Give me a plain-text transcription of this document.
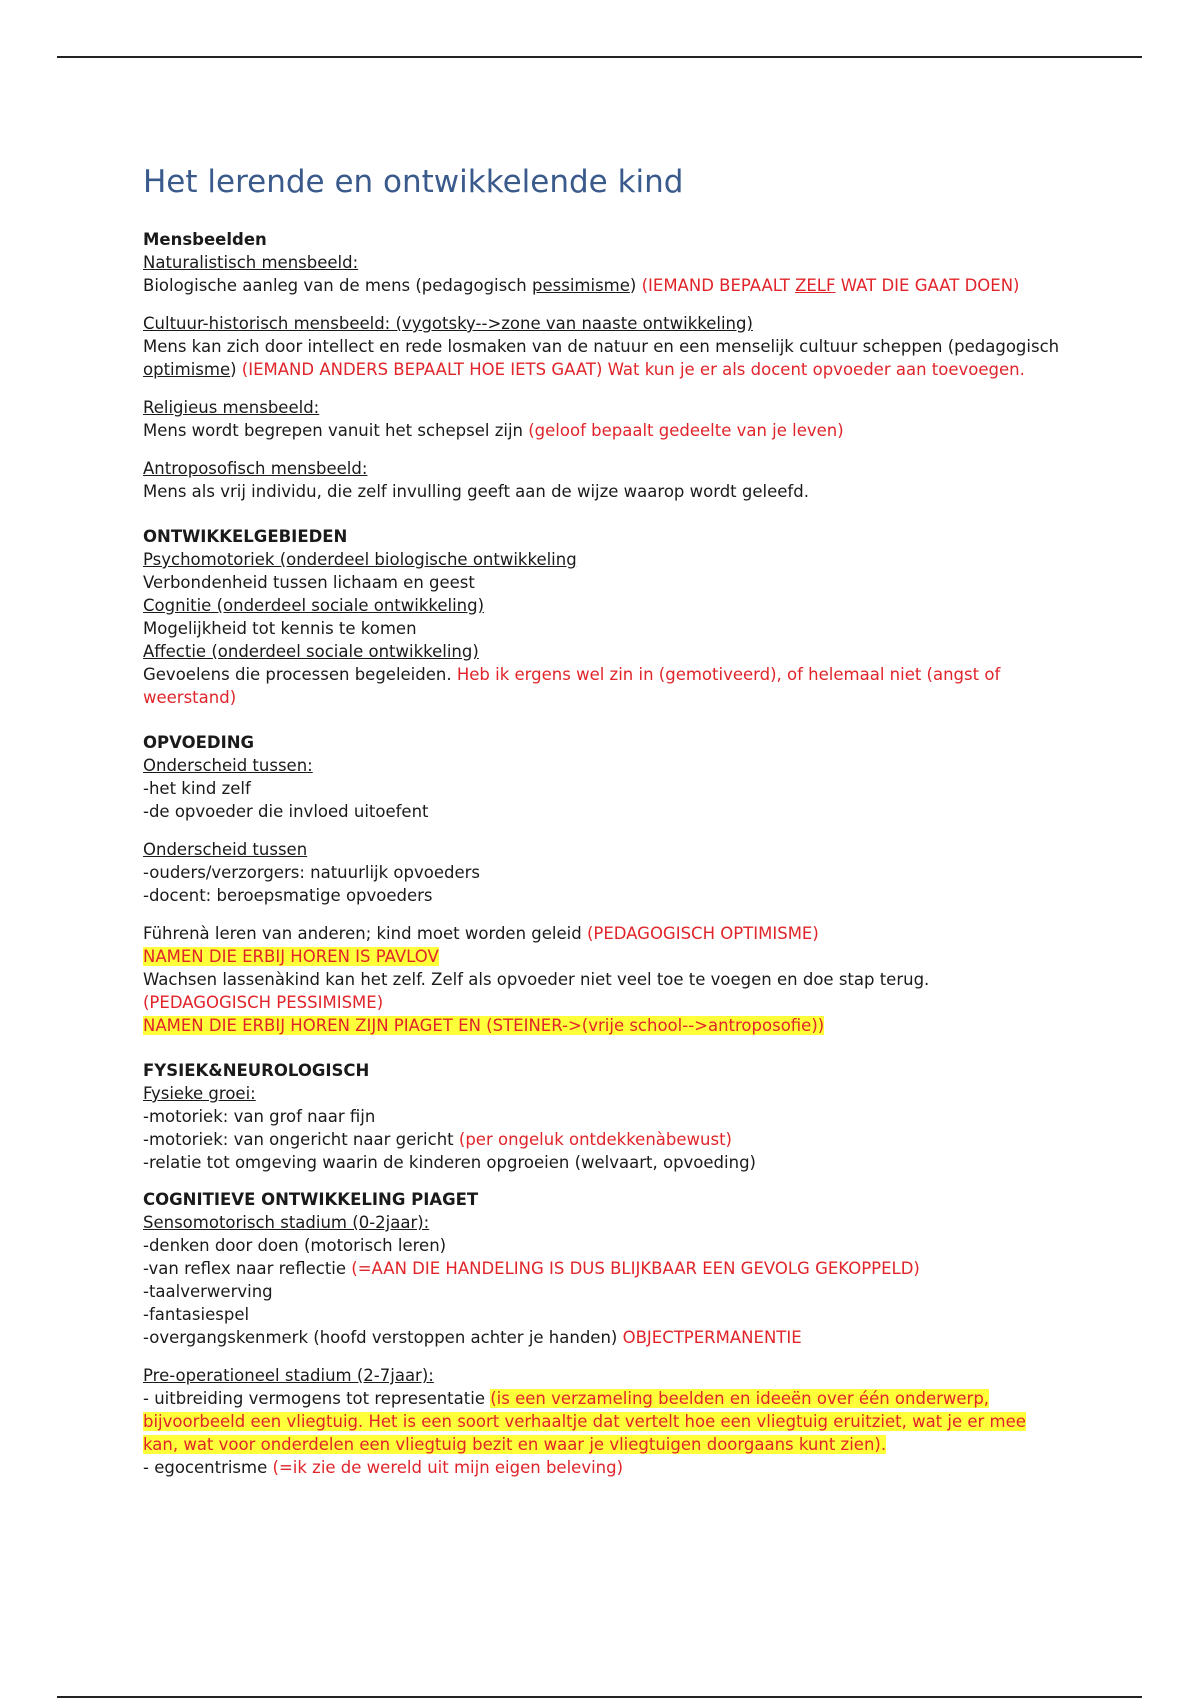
Het lerende en ontwikkelende kind

Mensbeelden

Naturalistisch mensbeeld:

Biologische aanleg van de mens (pedagogisch pessimisme) (IEMAND BEPAALT ZELF WAT DIE GAAT DOEN)

Cultuur-historisch mensbeeld: (vygotsky-->zone van naaste ontwikkeling)

Mens kan zich door intellect en rede losmaken van de natuur en een menselijk cultuur scheppen (pedagogisch optimisme) (IEMAND ANDERS BEPAALT HOE IETS GAAT) Wat kun je er als docent opvoeder aan toevoegen.

Religieus mensbeeld:

Mens wordt begrepen vanuit het schepsel zijn (geloof bepaalt gedeelte van je leven)

Antroposofisch mensbeeld:

Mens als vrij individu, die zelf invulling geeft aan de wijze waarop wordt geleefd.

ONTWIKKELGEBIEDEN

Psychomotoriek (onderdeel biologische ontwikkeling

Verbondenheid tussen lichaam en geest

Cognitie (onderdeel sociale ontwikkeling)

Mogelijkheid tot kennis te komen

Affectie (onderdeel sociale ontwikkeling)

Gevoelens die processen begeleiden. Heb ik ergens wel zin in (gemotiveerd), of helemaal niet (angst of weerstand)

OPVOEDING

Onderscheid tussen:

-het kind zelf

-de opvoeder die invloed uitoefent

Onderscheid tussen

-ouders/verzorgers: natuurlijk opvoeders

-docent: beroepsmatige opvoeders

Führenà leren van anderen; kind moet worden geleid (PEDAGOGISCH OPTIMISME)

NAMEN DIE ERBIJ HOREN IS PAVLOV

Wachsen lassenàkind kan het zelf. Zelf als opvoeder niet veel toe te voegen en doe stap terug.

(PEDAGOGISCH PESSIMISME)

NAMEN DIE ERBIJ HOREN ZIJN PIAGET EN (STEINER->(vrije school-->antroposofie))

FYSIEK&NEUROLOGISCH

Fysieke groei:

-motoriek: van grof naar fijn

-motoriek: van ongericht naar gericht (per ongeluk ontdekkenàbewust)

-relatie tot omgeving waarin de kinderen opgroeien (welvaart, opvoeding)

COGNITIEVE ONTWIKKELING PIAGET

Sensomotorisch stadium (0-2jaar):

-denken door doen (motorisch leren)

-van reflex naar reflectie (=AAN DIE HANDELING IS DUS BLIJKBAAR EEN GEVOLG GEKOPPELD)

-taalverwerving

-fantasiespel

-overgangskenmerk (hoofd verstoppen achter je handen) OBJECTPERMANENTIE

Pre-operationeel stadium (2-7jaar):

- uitbreiding vermogens tot representatie (is een verzameling beelden en ideeën over één onderwerp, bijvoorbeeld een vliegtuig. Het is een soort verhaaltje dat vertelt hoe een vliegtuig eruitziet, wat je er mee kan, wat voor onderdelen een vliegtuig bezit en waar je vliegtuigen doorgaans kunt zien).

- egocentrisme (=ik zie de wereld uit mijn eigen beleving)
